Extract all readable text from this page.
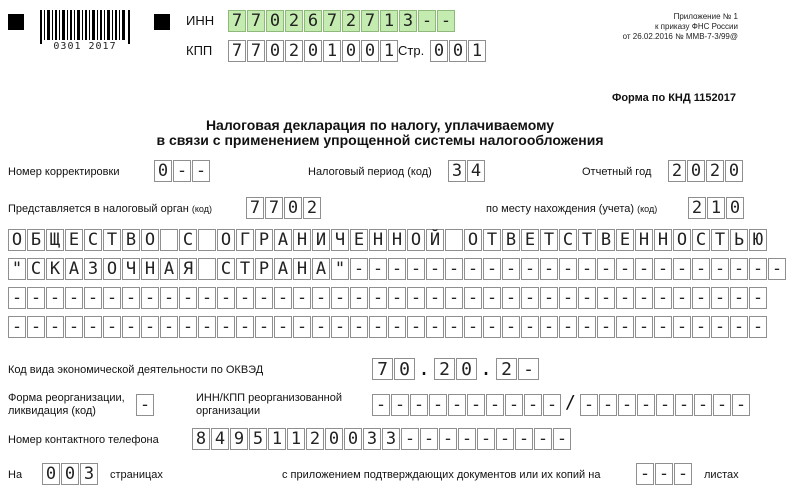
0301 2017
ИНН 7 7 0 2 6 7 2 7 1 З - -
КПП 7 7 0 2 0 1 0 0 1 Стр. 0 0 1
Приложение № 1
к приказу ФНС России
от 26.02.2016 № ММВ-7-3/99@
Форма по КНД 1152017
Налоговая декларация по налогу, уплачиваемому
в связи с применением упрощенной системы налогообложения
Номер корректировки 0 - -	Налоговый период (код) 3 4	Отчетный год 2 0 2 0
Представляется в налоговый орган (код) 7 7 0 2	по месту нахождения (учета) (код) 2 1 0
О Б Щ Е С Т В О С О Г Р А Н И Ч Е Н Н О Й О Т В Е Т С Т В Е Н Н О С Т Ь Ю
" С К А З О Ч Н А Я С Т Р А Н А " - - - - - - - - - - - - - - - - - - - - - - -
- - - - - - - - - - - - - - - - - - - - - - - - - - - - - - - - - - - - - - - -
- - - - - - - - - - - - - - - - - - - - - - - - - - - - - - - - - - - - - - - -
Код вида экономической деятельности по ОКВЭД	7 0 . 2 0 . 2 -
Форма реорганизации,
ликвидация (код)	-	ИНН/КПП реорганизованной
организации	- - - - - - - - - - / - - - - - - - - -
Номер контактного телефона 8 4 9 5 1 1 2 0 0 3 3 - - - - - - - - -
На 0 0 3	страницах	с приложением подтверждающих документов или их копий на - - -	листах
